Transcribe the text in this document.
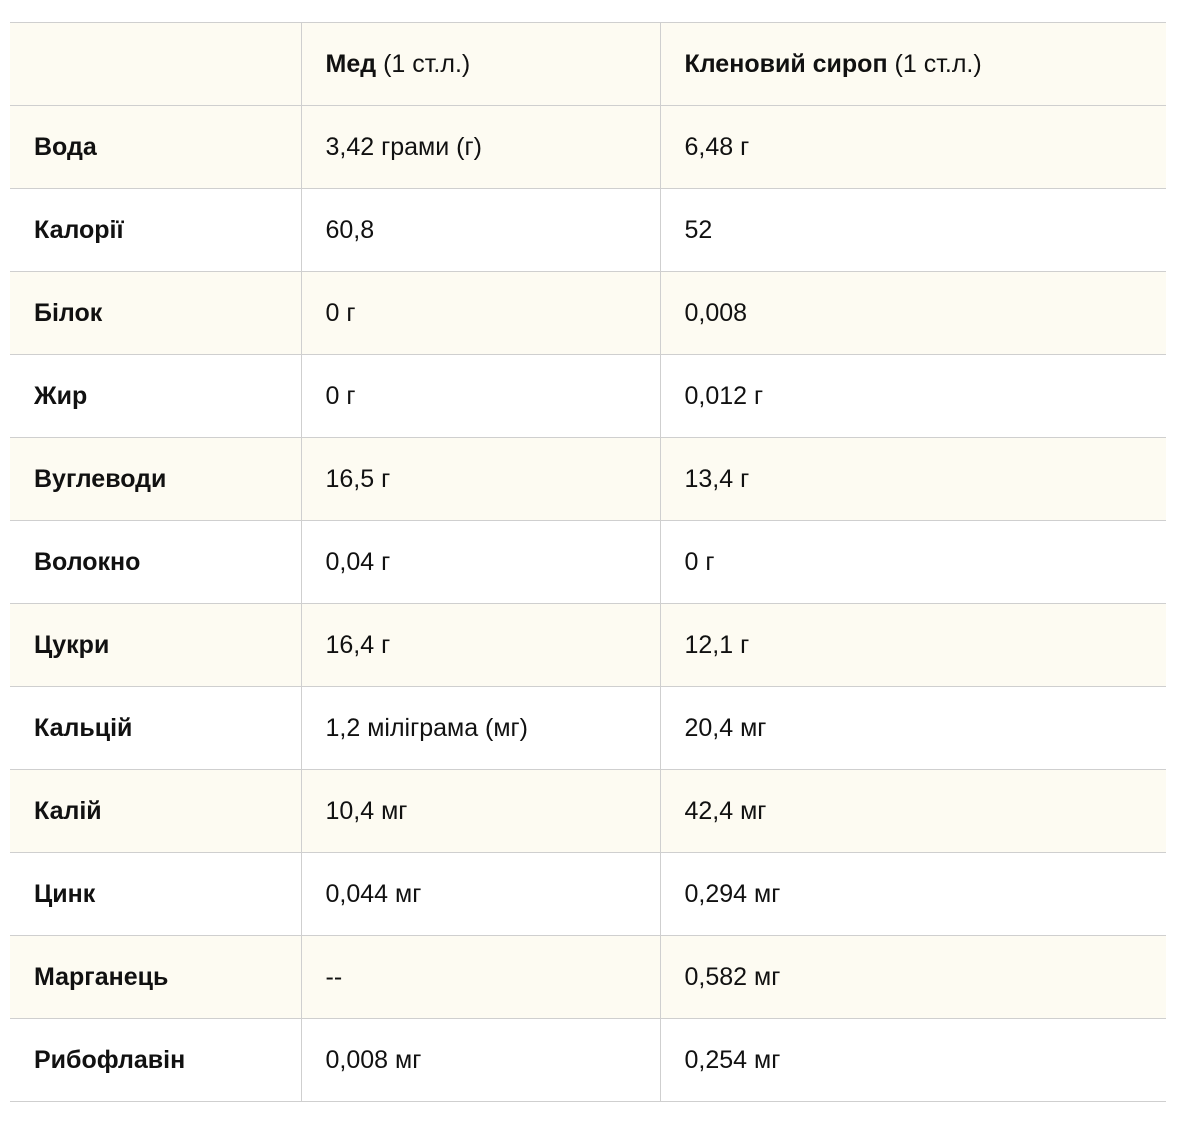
	Мед (1 ст.л.)	Кленовий сироп (1 ст.л.)
Вода	3,42 грами (г)	6,48 г
Калорії	60,8	52
Білок	0 г	0,008
Жир	0 г	0,012 г
Вуглеводи	16,5 г	13,4 г
Волокно	0,04 г	0 г
Цукри	16,4 г	12,1 г
Кальцій	1,2 міліграма (мг)	20,4 мг
Калій	10,4 мг	42,4 мг
Цинк	0,044 мг	0,294 мг
Марганець	--	0,582 мг
Рибофлавін	0,008 мг	0,254 мг
